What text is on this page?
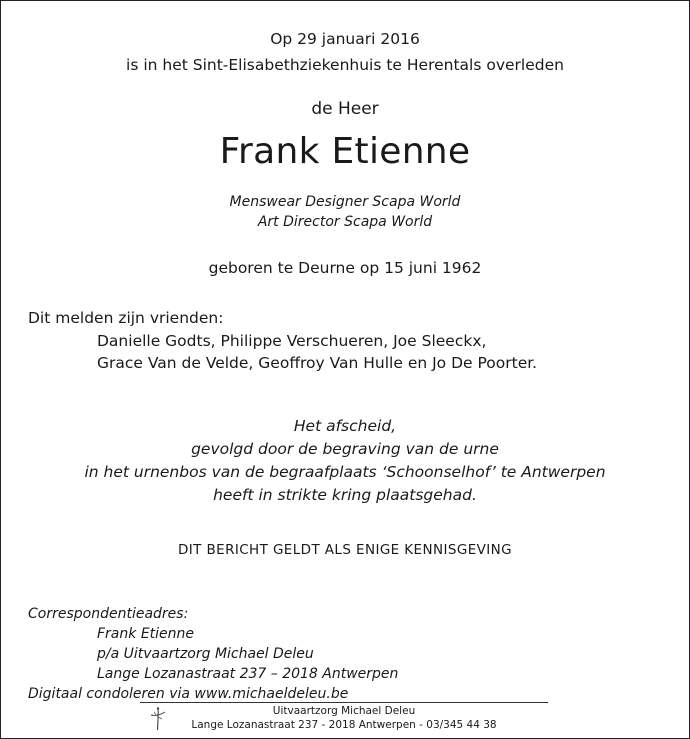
Op 29 januari 2016
is in het Sint-Elisabethziekenhuis te Herentals overleden
de Heer
Frank Etienne
Menswear Designer Scapa World
Art Director Scapa World
geboren te Deurne op 15 juni 1962
Dit melden zijn vrienden:
Danielle Godts, Philippe Verschueren, Joe Sleeckx,
Grace Van de Velde, Geoffroy Van Hulle en Jo De Poorter.
Het afscheid,
gevolgd door de begraving van de urne
in het urnenbos van de begraafplaats ‘Schoonselhof’ te Antwerpen
heeft in strikte kring plaatsgehad.
DIT BERICHT GELDT ALS ENIGE KENNISGEVING
Correspondentieadres:
Frank Etienne
p/a Uitvaartzorg Michael Deleu
Lange Lozanastraat 237 – 2018 Antwerpen
Digitaal condoleren via www.michaeldeleu.be
Uitvaartzorg Michael Deleu
Lange Lozanastraat 237 - 2018 Antwerpen - 03/345 44 38
